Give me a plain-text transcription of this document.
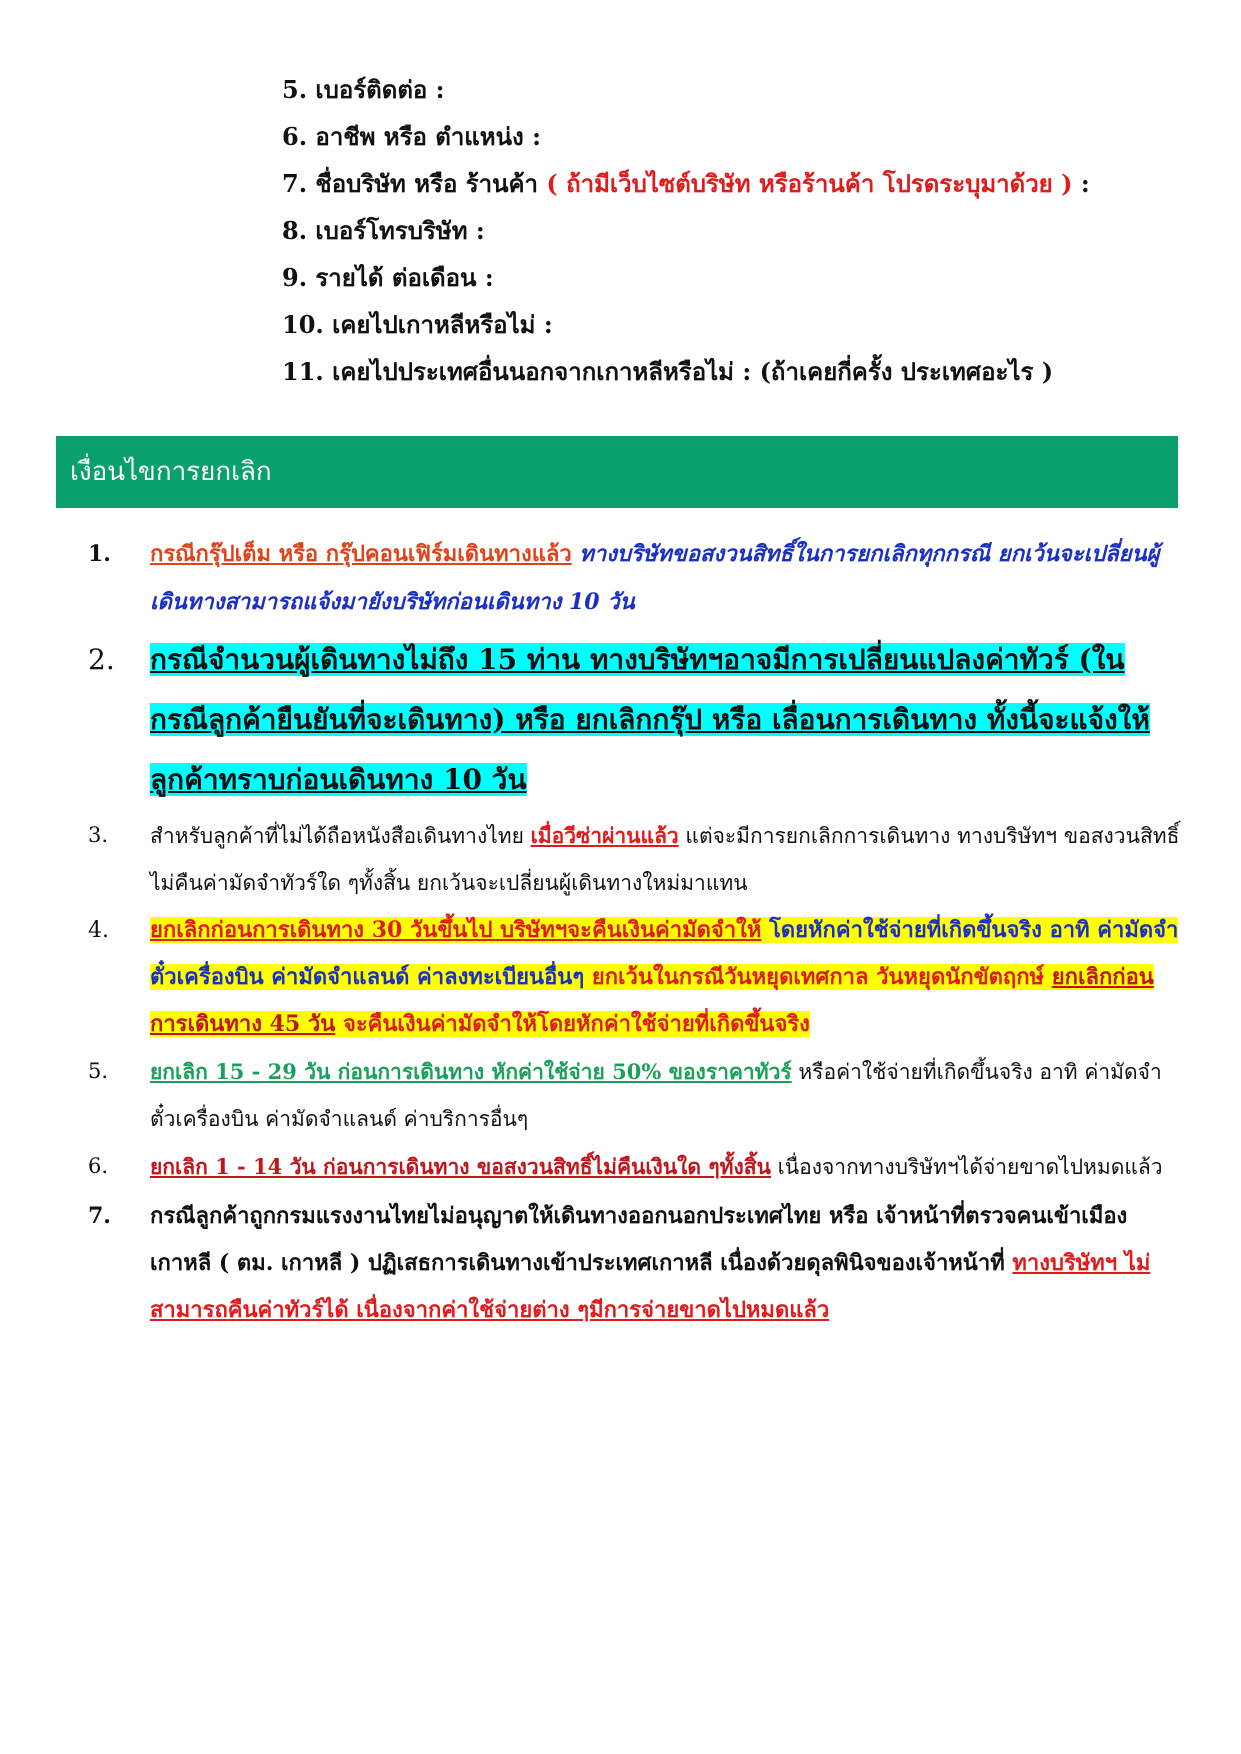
5. เบอร์ติดต่อ :
6. อาชีพ หรือ ตำแหน่ง :
7. ชื่อบริษัท หรือ ร้านค้า ( ถ้ามีเว็บไซต์บริษัท หรือร้านค้า โปรดระบุมาด้วย ) :
8. เบอร์โทรบริษัท :
9. รายได้ ต่อเดือน :
10. เคยไปเกาหลีหรือไม่ :
11. เคยไปประเทศอื่นนอกจากเกาหลีหรือไม่ : (ถ้าเคยกี่ครั้ง ประเทศอะไร )
เงื่อนไขการยกเลิก
1.	กรณีกรุ๊ปเต็ม หรือ กรุ๊ปคอนเฟิร์มเดินทางแล้ว ทางบริษัทขอสงวนสิทธิ์ในการยกเลิกทุกกรณี ยกเว้นจะเปลี่ยนผู้เดินทางสามารถแจ้งมายังบริษัทก่อนเดินทาง 10 วัน
2.	กรณีจำนวนผู้เดินทางไม่ถึง 15 ท่าน ทางบริษัทฯอาจมีการเปลี่ยนแปลงค่าทัวร์ (ในกรณีลูกค้ายืนยันที่จะเดินทาง) หรือ ยกเลิกกรุ๊ป หรือ เลื่อนการเดินทาง ทั้งนี้จะแจ้งให้ลูกค้าทราบก่อนเดินทาง 10 วัน
3.	สำหรับลูกค้าที่ไม่ได้ถือหนังสือเดินทางไทย เมื่อวีซ่าผ่านแล้ว แต่จะมีการยกเลิกการเดินทาง ทางบริษัทฯ ขอสงวนสิทธิ์ไม่คืนค่ามัดจำทัวร์ใด ๆทั้งสิ้น ยกเว้นจะเปลี่ยนผู้เดินทางใหม่มาแทน
4.	ยกเลิกก่อนการเดินทาง 30 วันขึ้นไป บริษัทฯจะคืนเงินค่ามัดจำให้ โดยหักค่าใช้จ่ายที่เกิดขึ้นจริง อาทิ ค่ามัดจำตั๋วเครื่องบิน ค่ามัดจำแลนด์ ค่าลงทะเบียนอื่นๆ ยกเว้นในกรณีวันหยุดเทศกาล วันหยุดนักขัตฤกษ์ ยกเลิกก่อนการเดินทาง 45 วัน จะคืนเงินค่ามัดจำให้โดยหักค่าใช้จ่ายที่เกิดขึ้นจริง
5.	ยกเลิก 15 - 29 วัน ก่อนการเดินทาง หักค่าใช้จ่าย 50% ของราคาทัวร์ หรือค่าใช้จ่ายที่เกิดขึ้นจริง อาทิ ค่ามัดจำตั๋วเครื่องบิน ค่ามัดจำแลนด์ ค่าบริการอื่นๆ
6.	ยกเลิก 1 - 14 วัน ก่อนการเดินทาง ขอสงวนสิทธิ์ไม่คืนเงินใด ๆทั้งสิ้น เนื่องจากทางบริษัทฯได้จ่ายขาดไปหมดแล้ว
7.	กรณีลูกค้าถูกกรมแรงงานไทยไม่อนุญาตให้เดินทางออกนอกประเทศไทย หรือ เจ้าหน้าที่ตรวจคนเข้าเมืองเกาหลี ( ตม. เกาหลี ) ปฏิเสธการเดินทางเข้าประเทศเกาหลี เนื่องด้วยดุลพินิจของเจ้าหน้าที่ ทางบริษัทฯ ไม่สามารถคืนค่าทัวร์ได้ เนื่องจากค่าใช้จ่ายต่าง ๆมีการจ่ายขาดไปหมดแล้ว
